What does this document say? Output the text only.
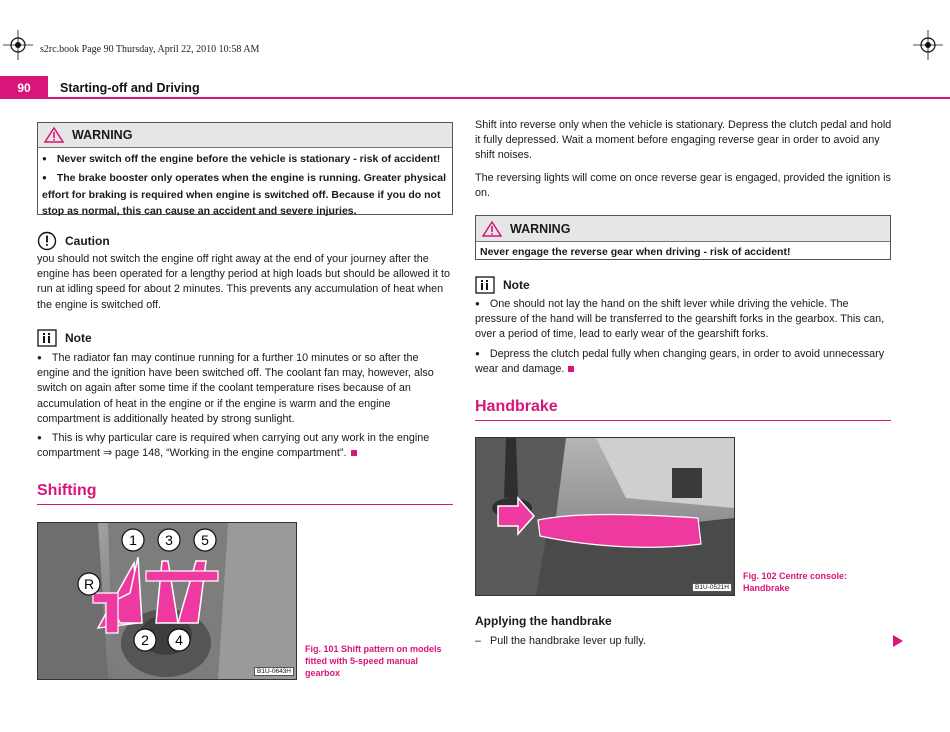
s2rc.book Page 90 Thursday, April 22, 2010 10:58 AM
90	Starting-off and Driving
WARNING

● Never switch off the engine before the vehicle is stationary - risk of accident!

● The brake booster only operates when the engine is running. Greater physical effort for braking is required when engine is switched off. Because if you do not stop as normal, this can cause an accident and severe injuries.

Caution
you should not switch the engine off right away at the end of your journey after the engine has been operated for a lengthy period at high loads but should be allowed it to run at idling speed for about 2 minutes. This prevents any accumulation of heat when the engine is switched off.
Note

● The radiator fan may continue running for a further 10 minutes or so after the engine and the ignition have been switched off. The coolant fan may, however, also switch on again after some time if the coolant temperature rises because of an accumulation of heat in the engine or if the engine is warm and the engine compartment is additionally heated by strong sunlight.

● This is why particular care is required when carrying out any work in the engine compartment ⇒ page 148, “Working in the engine compartment”.

Shifting
1 3 5
R
2 4
B1U-0643H
Fig. 101 Shift pattern on models fitted with 5-speed manual gearbox

Shift into reverse only when the vehicle is stationary. Depress the clutch pedal and hold it fully depressed. Wait a moment before engaging reverse gear in order to avoid any shift noises.

The reversing lights will come on once reverse gear is engaged, provided the ignition is on.

WARNING
Never engage the reverse gear when driving - risk of accident!
Note

● One should not lay the hand on the shift lever while driving the vehicle. The pressure of the hand will be transferred to the gearshift forks in the gearbox. This can, over a period of time, lead to early wear of the gearshift forks.

● Depress the clutch pedal fully when changing gears, in order to avoid unnecessary wear and damage.

Handbrake
B1U-0521H
Fig. 102 Centre console: Handbrake
Applying the handbrake
–   Pull the handbrake lever up fully.
